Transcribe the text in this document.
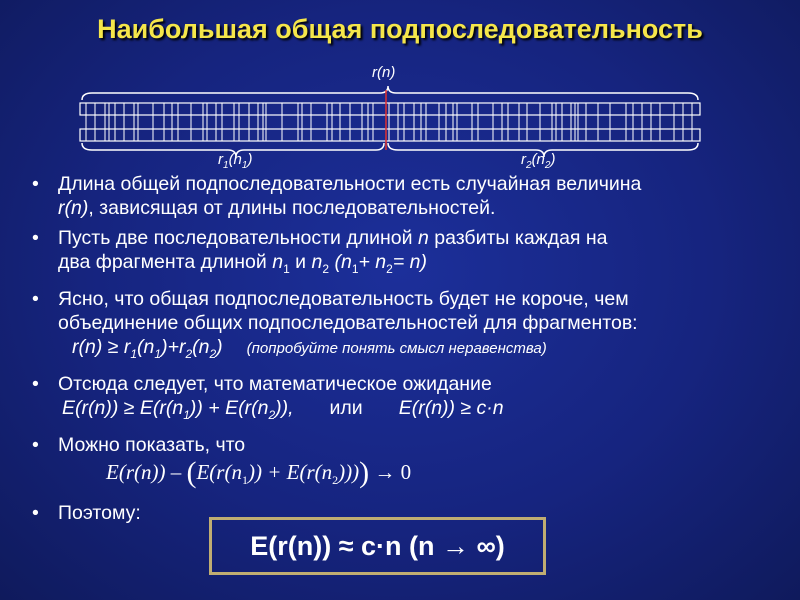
Наибольшая общая подпоследовательность
r(n)
$r_1(n_1)$	$r_2(n_2)$
• Длина общей подпоследовательности есть случайная величина
r(n), зависящая от длины последовательностей.
• Пусть две последовательности длиной n разбиты каждая на
два фрагмента длиной $n_1$ и $n_2$ $(n_1+ n_2= n)$
• Ясно, что общая подпоследовательность будет не короче, чем
объединение общих подпоследовательностей для фрагментов:
$r(n) \ge r_1(n_1)+r_2(n_2)$ (попробуйте понять смысл неравенства)
• Отсюда следует, что математическое ожидание
$E(r(n)) \ge E(r(n_1)) + E(r(n_2))$, или E(r(n)) ≥ c·n
• Можно показать, что
$E(r(n)) - (E(r(n_1)) + E(r(n_2)))) \to 0$
• Поэтому:
E(r(n)) ≈ c·n (n → ∞)
